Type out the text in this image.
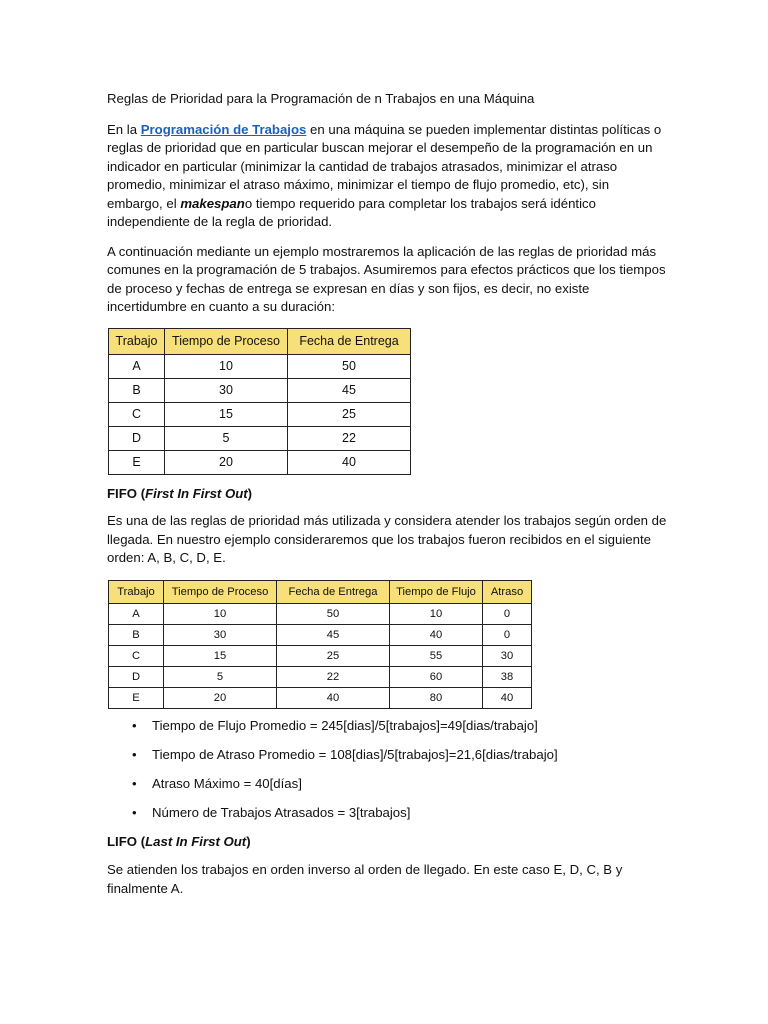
Reglas de Prioridad para la Programación de n Trabajos en una Máquina

En la Programación de Trabajos en una máquina se pueden implementar distintas políticas o reglas de prioridad que en particular buscan mejorar el desempeño de la programación en un indicador en particular (minimizar la cantidad de trabajos atrasados, minimizar el atraso promedio, minimizar el atraso máximo, minimizar el tiempo de flujo promedio, etc), sin embargo, el makespano tiempo requerido para completar los trabajos será idéntico independiente de la regla de prioridad.

A continuación mediante un ejemplo mostraremos la aplicación de las reglas de prioridad más comunes en la programación de 5 trabajos. Asumiremos para efectos prácticos que los tiempos de proceso y fechas de entrega se expresan en días y son fijos, es decir, no existe incertidumbre en cuanto a su duración:

Trabajo	Tiempo de Proceso	Fecha de Entrega
A	10	50
B	30	45
C	15	25
D	5	22
E	20	40

FIFO (First In First Out)

Es una de las reglas de prioridad más utilizada y considera atender los trabajos según orden de llegada. En nuestro ejemplo consideraremos que los trabajos fueron recibidos en el siguiente orden: A, B, C, D, E.

Trabajo	Tiempo de Proceso	Fecha de Entrega	Tiempo de Flujo	Atraso
A	10	50	10	0
B	30	45	40	0
C	15	25	55	30
D	5	22	60	38
E	20	40	80	40
• Tiempo de Flujo Promedio = 245[dias]/5[trabajos]=49[dias/trabajo]
• Tiempo de Atraso Promedio = 108[dias]/5[trabajos]=21,6[dias/trabajo]
• Atraso Máximo = 40[días]
• Número de Trabajos Atrasados = 3[trabajos]

LIFO (Last In First Out)

Se atienden los trabajos en orden inverso al orden de llegado. En este caso E, D, C, B y finalmente A.
